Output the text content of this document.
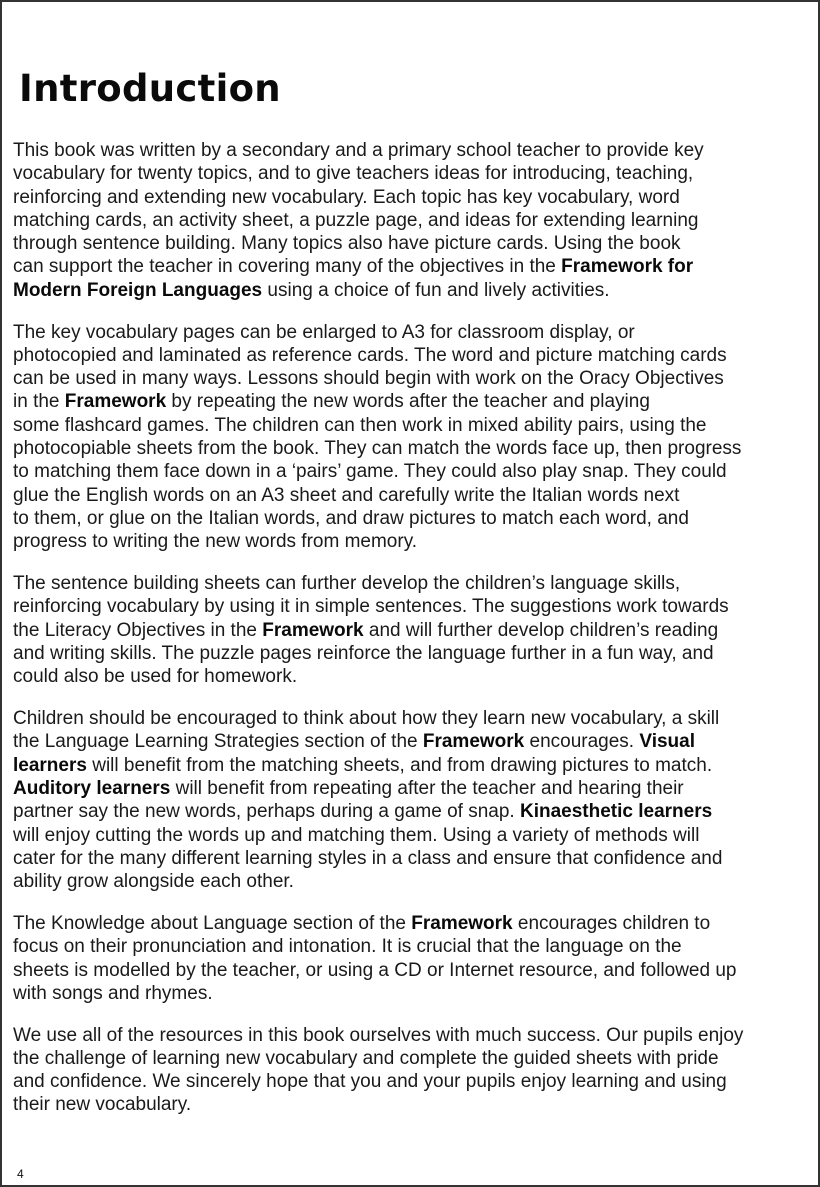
Introduction

This book was written by a secondary and a primary school teacher to provide key
vocabulary for twenty topics, and to give teachers ideas for introducing, teaching,
reinforcing and extending new vocabulary. Each topic has key vocabulary, word
matching cards, an activity sheet, a puzzle page, and ideas for extending learning
through sentence building. Many topics also have picture cards. Using the book
can support the teacher in covering many of the objectives in the Framework for
Modern Foreign Languages using a choice of fun and lively activities.

The key vocabulary pages can be enlarged to A3 for classroom display, or
photocopied and laminated as reference cards. The word and picture matching cards
can be used in many ways. Lessons should begin with work on the Oracy Objectives
in the Framework by repeating the new words after the teacher and playing
some flashcard games. The children can then work in mixed ability pairs, using the
photocopiable sheets from the book. They can match the words face up, then progress
to matching them face down in a ‘pairs’ game. They could also play snap. They could
glue the English words on an A3 sheet and carefully write the Italian words next
to them, or glue on the Italian words, and draw pictures to match each word, and
progress to writing the new words from memory.

The sentence building sheets can further develop the children’s language skills,
reinforcing vocabulary by using it in simple sentences. The suggestions work towards
the Literacy Objectives in the Framework and will further develop children’s reading
and writing skills. The puzzle pages reinforce the language further in a fun way, and
could also be used for homework.

Children should be encouraged to think about how they learn new vocabulary, a skill
the Language Learning Strategies section of the Framework encourages. Visual
learners will benefit from the matching sheets, and from drawing pictures to match.
Auditory learners will benefit from repeating after the teacher and hearing their
partner say the new words, perhaps during a game of snap. Kinaesthetic learners
will enjoy cutting the words up and matching them. Using a variety of methods will
cater for the many different learning styles in a class and ensure that confidence and
ability grow alongside each other.

The Knowledge about Language section of the Framework encourages children to
focus on their pronunciation and intonation. It is crucial that the language on the
sheets is modelled by the teacher, or using a CD or Internet resource, and followed up
with songs and rhymes.

We use all of the resources in this book ourselves with much success. Our pupils enjoy
the challenge of learning new vocabulary and complete the guided sheets with pride
and confidence. We sincerely hope that you and your pupils enjoy learning and using
their new vocabulary.

4
